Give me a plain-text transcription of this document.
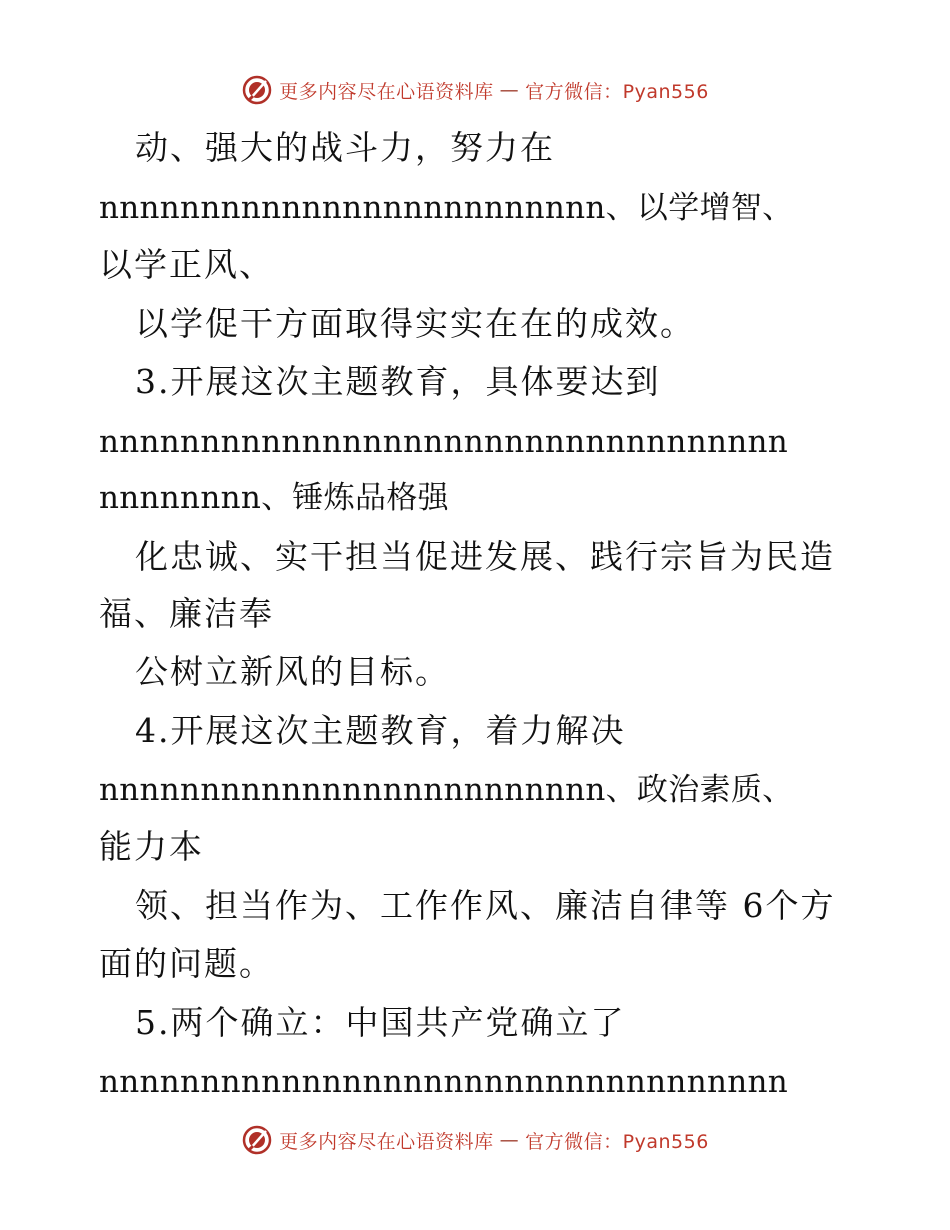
更多内容尽在心语资料库 — 官方微信：Pyan556
动、强大的战斗力，努力在
nnnnnnnnnnnnnnnnnnnnnnnnn、以学增智、
以学正风、
以学促干方面取得实实在在的成效。
3.开展这次主题教育，具体要达到
nnnnnnnnnnnnnnnnnnnnnnnnnnnnnnnnnn
nnnnnnnn、锤炼品格强
化忠诚、实干担当促进发展、践行宗旨为民造
福、廉洁奉
公树立新风的目标。
4.开展这次主题教育，着力解决
nnnnnnnnnnnnnnnnnnnnnnnnn、政治素质、
能力本
领、担当作为、工作作风、廉洁自律等 6个方
面的问题。
5.两个确立：中国共产党确立了
nnnnnnnnnnnnnnnnnnnnnnnnnnnnnnnnnn
更多内容尽在心语资料库 — 官方微信：Pyan556
